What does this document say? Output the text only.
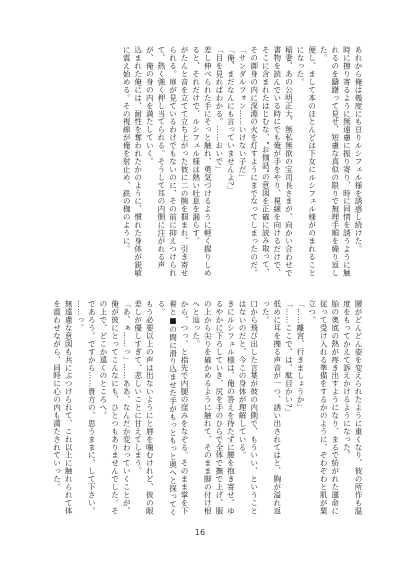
あれから俺は幾度にも亘りルシフェル様を誘惑し続けた。
時に擦り寄るように無遠慮に振り寄り、時に同情を誘うように触れるのを躊躇って見せ、短慮な真似の限りで無理手順を繰り返した。
便し、まして本のほとんどは下女にルシフェル様がのまれることになった。
稲妻、あの公明正大、無私無欲の宝司長さまが、向かい合わせで書物を読んでいる時にでも俺が手をやり、視線を向けるだけで、そこに含まれたはじむな、"お伽話"の意図を正確に読み取って、その御身の内に深淵の火を灯すようにまでなってしまったのだ。
「サンダルフォン……いけない子だ」
「俺、まだなんにも言っていませんよ?」
「目を見ればわかる。……おいで」
差し伸べられた手にそっと触れ、勇気づけるように軽く握りしめると、それだけで、ルシフェル様は熱い吐息を漏らす。
がたんと音を立てて立ち上がった彼に二の腕を掴まれ、引き寄せられる。扉が見ているわけでもないのに、その前に抑えつけられて、熱く強く押し当てられる。そうして耳の内側に注がれる声が、俺の身の内を満たしていく。
込まれた俺には、耐性を奪われたかのように、慣れた身体が鋭敏に震え始める。その視線が俺を射止め、鉄の枷のように。
腰がどんどん姿を変えられたように重くなり、彼の所作も温度をもってかえて訴えかけるようになった。
胎の奥底の熱が疼き出すようになり、まるで紡がれた運命に従って受け入れる準備をするかのように、ぞわぞわと肌が粟立つ。
「……離宮、行きましょうか」
「……ここで、は、駄目かい?」
低めに耳を擽る声音が一つ、誘い出されてはと、胸が溢れ返った。
口から飛び出した言葉が彼の内側で、もういい、ということはないのだと、今この身体が理解している。
きにルシフェル様は、俺の答えを待たずに腰を抱き寄せ、ゆるやかに下ろしていき、尻を手のひらで全体で撫で上げ、服の上から尖りを確かめるように触れて、そのまま脚の付け根へと辿った。
から、つっ、と指先で内腿の窪みをなぞる。そのまま掌を下着と■の間に滑り込ませた手がもっともっと奥へと探ってくる。
もう必要以上の声は出ないようにと唇を噛むけれど、彼の眼差しが優しすぎて、悲しいことに甘えてしまう。
「あ、ぁ……っ」……ああ、なんだか変わっていくことが、俺が彼にとってこんなにも、ひとつもありませんでした。その上で、どこか遠くのところへ。
であろう。ですから……貴方の、思うままに、して下さい。
……っ。
無遠慮な意図も共にぶつけられて、これ以上に触れられて体を震わせながら、同時に心の内も満たされていった。
16
